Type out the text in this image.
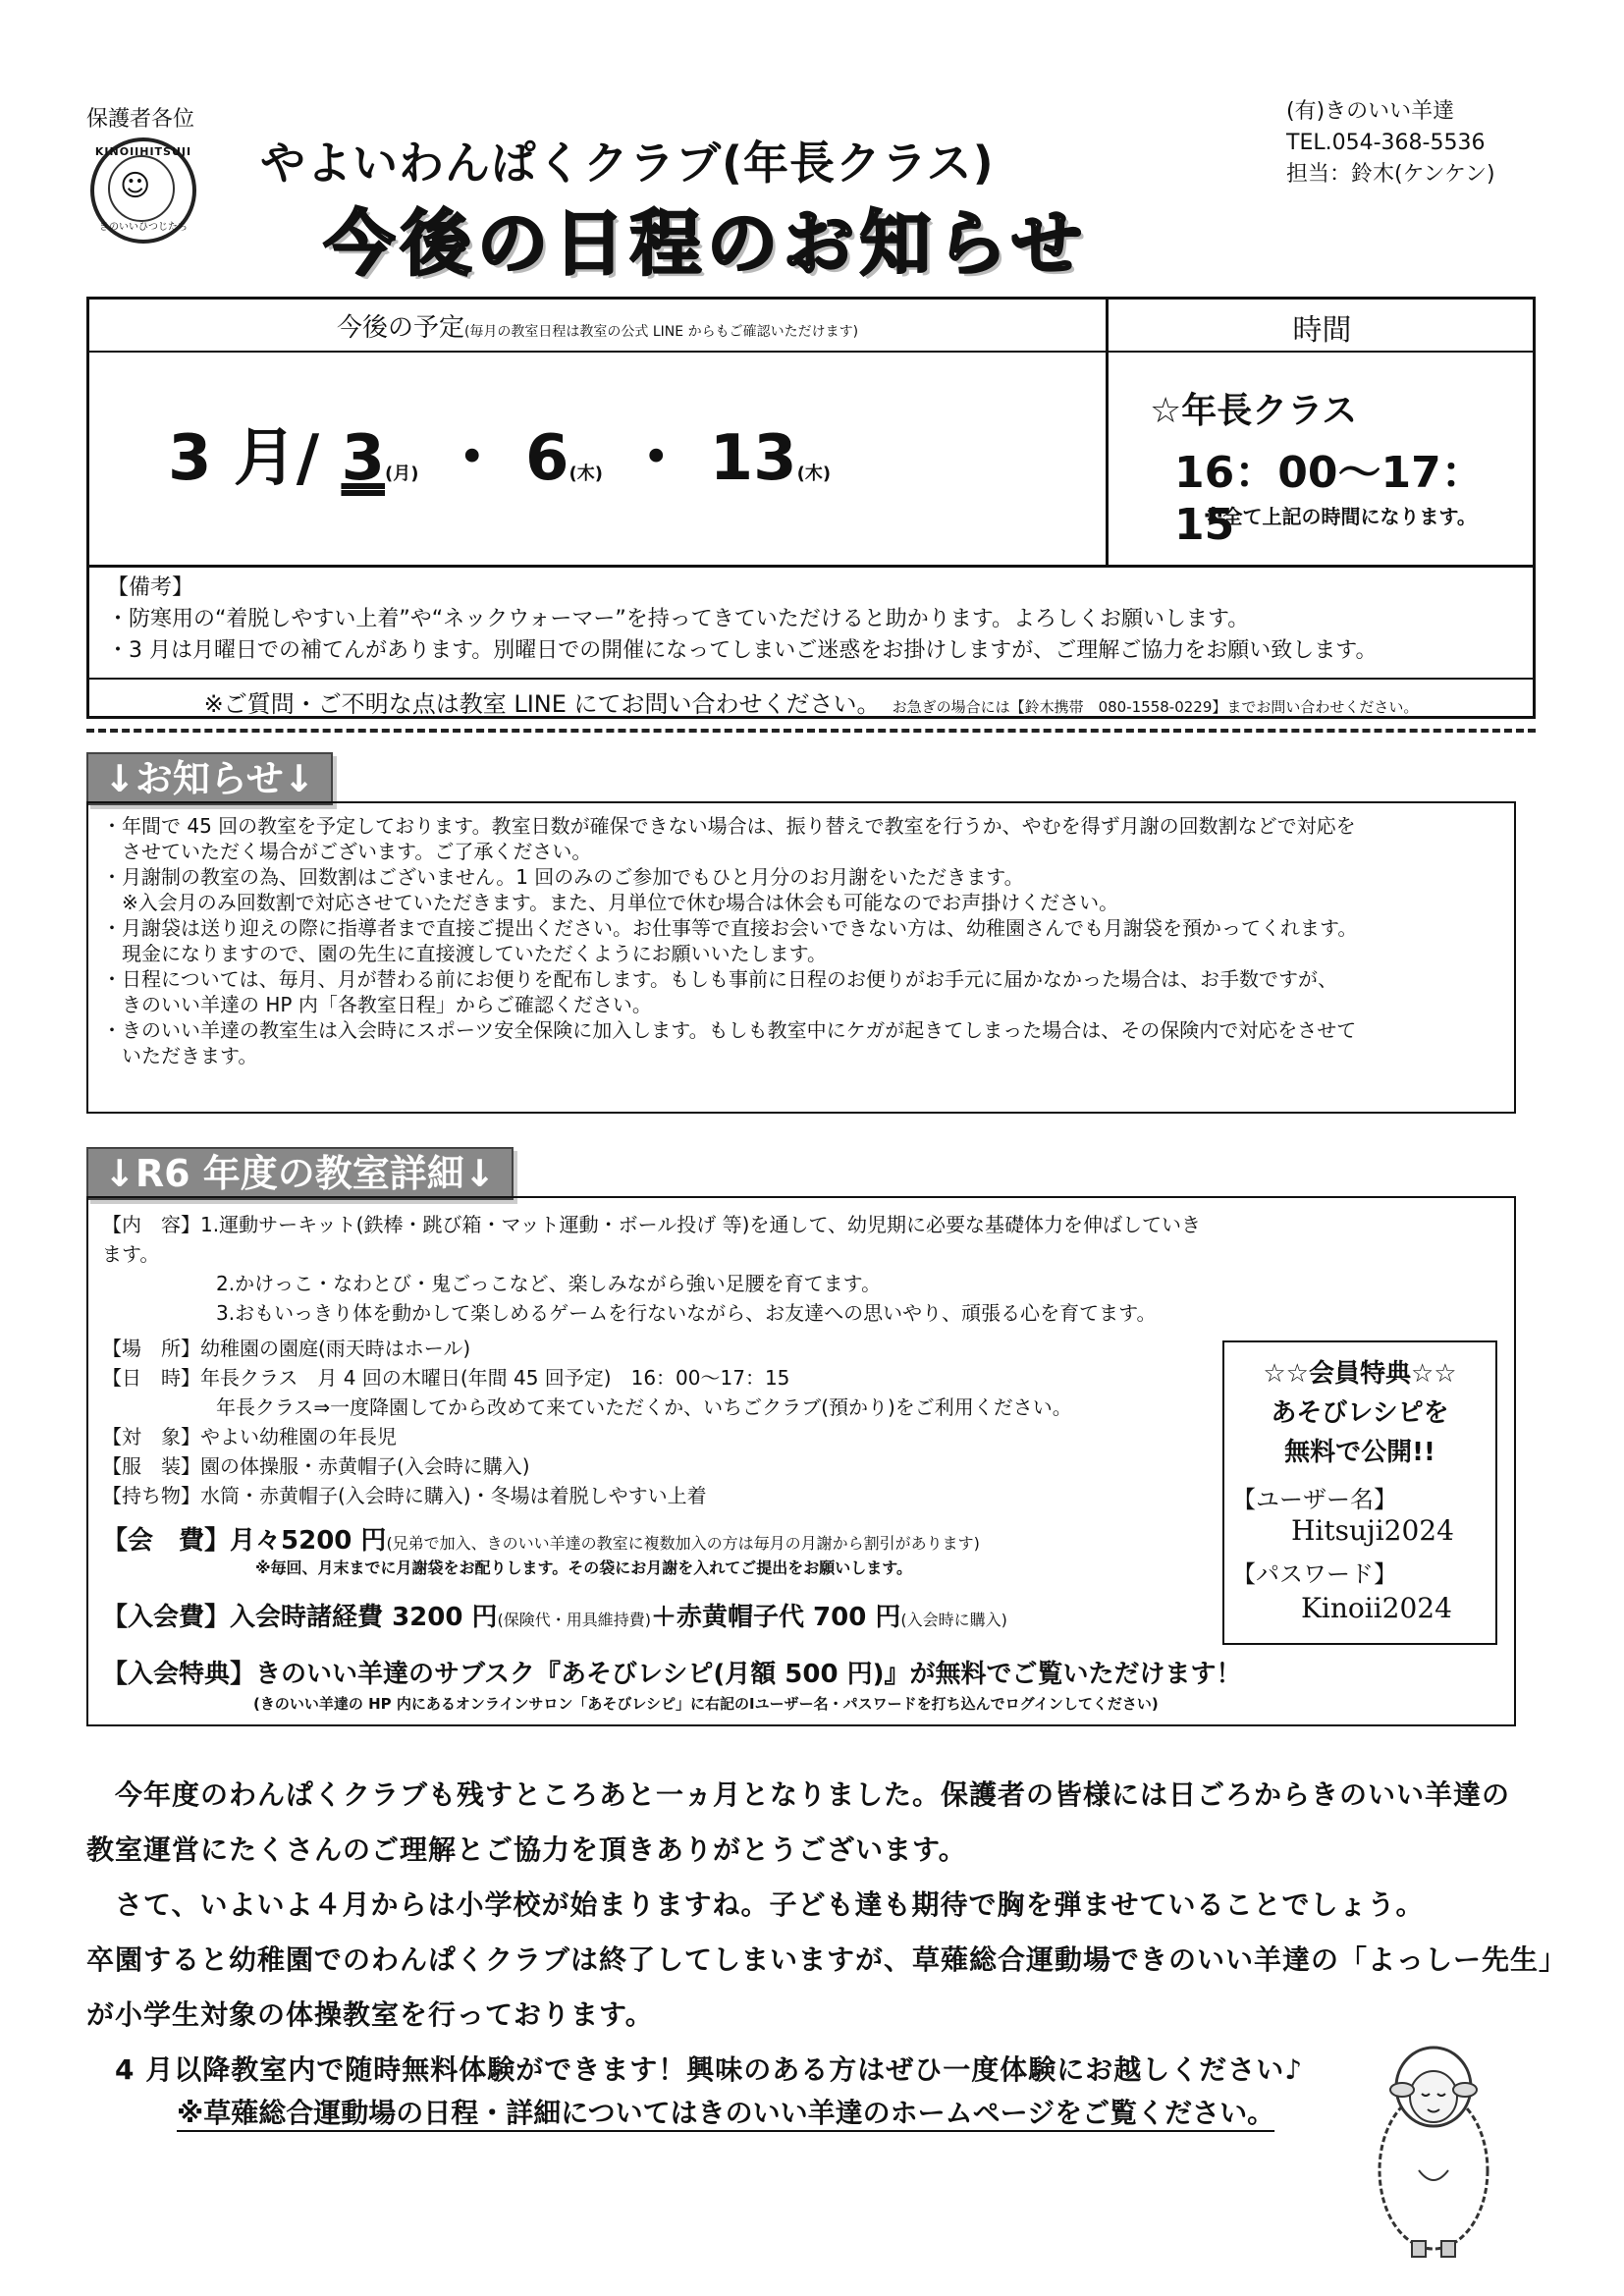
保護者各位
KINOIIHITSUJI
☺
きのいいひつじたち
やよいわんぱくクラブ(年長クラス)
今後の日程のお知らせ
(有)きのいい羊達
TEL.054-368-5536
担当：鈴木(ケンケン)
今後の予定(毎月の教室日程は教室の公式 LINE からもご確認いただけます)	時間
3 月/ 3(月) ・ 6(木) ・ 13(木)
☆年長クラス
16：00〜17：15
※全て上記の時間になります。
【備考】
・防寒用の“着脱しやすい上着”や“ネックウォーマー”を持ってきていただけると助かります。よろしくお願いします。
・3 月は月曜日での補てんがあります。別曜日での開催になってしまいご迷惑をお掛けしますが、ご理解ご協力をお願い致します。
※ご質問・ご不明な点は教室 LINE にてお問い合わせください。　 お急ぎの場合には【鈴木携帯　080-1558-0229】までお問い合わせください。
↓お知らせ↓
・年間で 45 回の教室を予定しております。教室日数が確保できない場合は、振り替えで教室を行うか、やむを得ず月謝の回数割などで対応を
　させていただく場合がございます。ご了承ください。
・月謝制の教室の為、回数割はございません。1 回のみのご参加でもひと月分のお月謝をいただきます。
　※入会月のみ回数割で対応させていただきます。また、月単位で休む場合は休会も可能なのでお声掛けください。
・月謝袋は送り迎えの際に指導者まで直接ご提出ください。お仕事等で直接お会いできない方は、幼稚園さんでも月謝袋を預かってくれます。
　現金になりますので、園の先生に直接渡していただくようにお願いいたします。
・日程については、毎月、月が替わる前にお便りを配布します。もしも事前に日程のお便りがお手元に届かなかった場合は、お手数ですが、
　きのいい羊達の HP 内「各教室日程」からご確認ください。
・きのいい羊達の教室生は入会時にスポーツ安全保険に加入します。もしも教室中にケガが起きてしまった場合は、その保険内で対応をさせて
　いただきます。
↓R6 年度の教室詳細↓
【内　容】1.運動サーキット(鉄棒・跳び箱・マット運動・ボール投げ 等)を通して、幼児期に必要な基礎体力を伸ばしていきます。
2.かけっこ・なわとび・鬼ごっこなど、楽しみながら強い足腰を育てます。
3.おもいっきり体を動かして楽しめるゲームを行ないながら、お友達への思いやり、頑張る心を育てます。
【場　所】幼稚園の園庭(雨天時はホール)
【日　時】年長クラス　月 4 回の木曜日(年間 45 回予定)　16：00〜17：15
年長クラス⇒一度降園してから改めて来ていただくか、いちごクラブ(預かり)をご利用ください。
【対　象】やよい幼稚園の年長児
【服　装】園の体操服・赤黄帽子(入会時に購入)
【持ち物】水筒・赤黄帽子(入会時に購入)・冬場は着脱しやすい上着
【会　費】月々5200 円(兄弟で加入、きのいい羊達の教室に複数加入の方は毎月の月謝から割引があります)
※毎回、月末までに月謝袋をお配りします。その袋にお月謝を入れてご提出をお願いします。
【入会費】入会時諸経費 3200 円(保険代・用具維持費)＋赤黄帽子代 700 円(入会時に購入)
【入会特典】きのいい羊達のサブスク『あそびレシピ(月額 500 円)』が無料でご覧いただけます！
(きのいい羊達の HP 内にあるオンラインサロン「あそびレシピ」に右記のⅠユーザー名・パスワードを打ち込んでログインしてください)
☆☆会員特典☆☆
あそびレシピを
無料で公開!!
【ユーザー名】
Hitsuji2024
【パスワード】
Kinoii2024
　今年度のわんぱくクラブも残すところあと一ヵ月となりました。保護者の皆様には日ごろからきのいい羊達の
教室運営にたくさんのご理解とご協力を頂きありがとうございます。
　さて、いよいよ４月からは小学校が始まりますね。子ども達も期待で胸を弾ませていることでしょう。
卒園すると幼稚園でのわんぱくクラブは終了してしまいますが、草薙総合運動場できのいい羊達の「よっしー先生」
が小学生対象の体操教室を行っております。
　4 月以降教室内で随時無料体験ができます！興味のある方はぜひ一度体験にお越しください♪
※草薙総合運動場の日程・詳細についてはきのいい羊達のホームページをご覧ください。
